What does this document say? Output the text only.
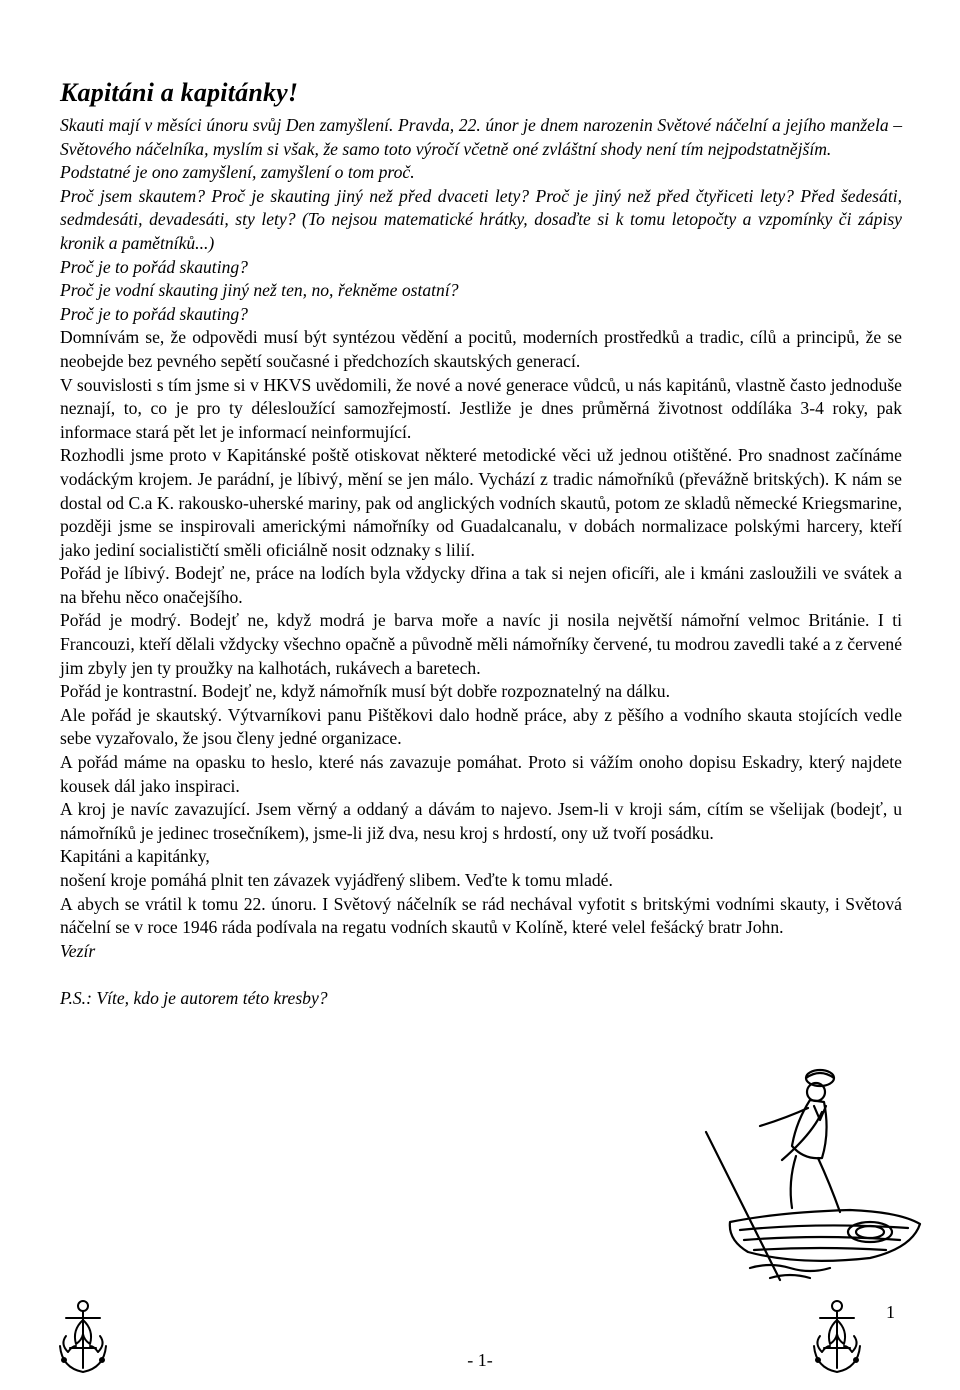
Kapitáni a kapitánky!

Skauti mají v měsíci únoru svůj Den zamyšlení. Pravda, 22. únor je dnem narozenin Světové náčelní a jejího manžela – Světového náčelníka, myslím si však, že samo toto výročí včetně oné zvláštní shody není tím nejpodstatnějším.

Podstatné je ono zamyšlení, zamyšlení o tom proč.

Proč jsem skautem? Proč je skauting jiný než před dvaceti lety? Proč je jiný než před čtyřiceti lety? Před šedesáti, sedmdesáti, devadesáti, sty lety? (To nejsou matematické hrátky, dosaďte si k tomu letopočty a vzpomínky či zápisy kronik a pamětníků...)

Proč je to pořád skauting?

Proč je vodní skauting jiný než ten, no, řekněme ostatní?

Proč je to pořád skauting?

Domnívám se, že odpovědi musí být syntézou vědění a pocitů, moderních prostředků a tradic, cílů a principů, že se neobejde bez pevného sepětí současné i předchozích skautských generací.

V souvislosti s tím jsme si v HKVS uvědomili, že nové a nové generace vůdců, u nás kapitánů, vlastně často jednoduše neznají, to, co je pro ty délesloužící samozřejmostí. Jestliže je dnes průměrná životnost oddíláka 3-4 roky, pak informace stará pět let je informací neinformující.

Rozhodli jsme proto v Kapitánské poště otiskovat některé metodické věci už jednou otištěné. Pro snadnost začínáme vodáckým krojem. Je parádní, je líbivý, mění se jen málo. Vychází z tradic námořníků (převážně britských). K nám se dostal od C.a K. rakousko-uherské mariny, pak od anglických vodních skautů, potom ze skladů německé Kriegsmarine, později jsme se inspirovali americkými námořníky od Guadalcanalu, v dobách normalizace polskými harcery, kteří jako jediní socialističtí směli oficiálně nosit odznaky s lilií.

Pořád je líbivý. Bodejť ne, práce na lodích byla vždycky dřina a tak si nejen oficíři, ale i kmáni zasloužili ve svátek a na břehu něco onačejšího.

Pořád je modrý. Bodejť ne, když modrá je barva moře a navíc ji nosila největší námořní velmoc Británie. I ti Francouzi, kteří dělali vždycky všechno opačně a původně měli námořníky červené, tu modrou zavedli také a z červené jim zbyly jen ty proužky na kalhotách, rukávech a baretech.

Pořád je kontrastní. Bodejť ne, když námořník musí být dobře rozpoznatelný na dálku.

Ale pořád je skautský. Výtvarníkovi panu Pištěkovi dalo hodně práce, aby z pěšího a vodního skauta stojících vedle sebe vyzařovalo, že jsou členy jedné organizace.

A pořád máme na opasku to heslo, které nás zavazuje pomáhat. Proto si vážím onoho dopisu Eskadry, který najdete kousek dál jako inspiraci.

A kroj je navíc zavazující. Jsem věrný a oddaný a dávám to najevo. Jsem-li v kroji sám, cítím se všelijak (bodejť, u námořníků je jedinec trosečníkem), jsme-li již dva, nesu kroj s hrdostí, ony už tvoří posádku.

Kapitáni a kapitánky,

nošení kroje pomáhá plnit ten závazek vyjádřený slibem. Veďte k tomu mladé.

A abych se vrátil k tomu 22. únoru. I Světový náčelník se rád nechával vyfotit s britskými vodními skauty, i Světová náčelní se v roce 1946 ráda podívala na regatu vodních skautů v Kolíně, které velel fešácký bratr John.

Vezír

P.S.: Víte, kdo je autorem této kresby?

1
- 1-
